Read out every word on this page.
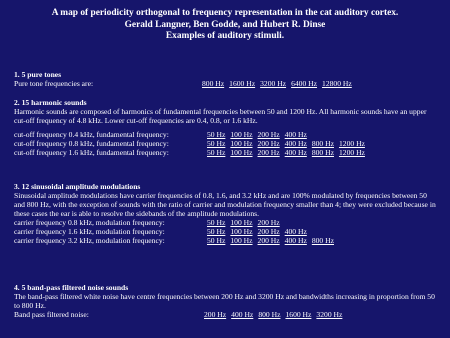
A map of periodicity orthogonal to frequency representation in the cat auditory cortex.
Gerald Langner, Ben Godde, and Hubert R. Dinse
Examples of auditory stimuli.
1. 5 pure tones
Pure tone frequencies are:	800 Hz 1600 Hz 3200 Hz 6400 Hz 12800 Hz
2. 15 harmonic sounds
Harmonic sounds are composed of harmonics of fundamental frequencies between 50 and 1200 Hz. All harmonic sounds have an upper cut-off frequency of 4.8 kHz. Lower cut-off frequencies are 0.4, 0.8, or 1.6 kHz.
cut-off frequency 0.4 kHz, fundamental frequency:	50 Hz 100 Hz 200 Hz 400 Hz
cut-off frequency 0.8 kHz, fundamental frequency:	50 Hz 100 Hz 200 Hz 400 Hz 800 Hz 1200 Hz
cut-off frequency 1.6 kHz, fundamental frequency:	50 Hz 100 Hz 200 Hz 400 Hz 800 Hz 1200 Hz
3. 12 sinusoidal amplitude modulations
Sinusoidal amplitude modulations have carrier frequencies of 0.8, 1.6, and 3.2 kHz and are 100% modulated by frequencies between 50 and 800 Hz, with the exception of sounds with the ratio of carrier and modulation frequency smaller than 4; they were excluded because in these cases the ear is able to resolve the sidebands of the amplitude modulations.
carrier frequency 0.8 kHz, modulation frequency:	50 Hz 100 Hz 200 Hz
carrier frequency 1.6 kHz, modulation frequency:	50 Hz 100 Hz 200 Hz 400 Hz
carrier frequency 3.2 kHz, modulation frequency:	50 Hz 100 Hz 200 Hz 400 Hz 800 Hz
4. 5 band-pass filtered noise sounds
The band-pass filtered white noise have centre frequencies between 200 Hz and 3200 Hz and bandwidths increasing in proportion from 50 to 800 Hz.
Band pass filtered noise:	200 Hz 400 Hz 800 Hz 1600 Hz 3200 Hz
